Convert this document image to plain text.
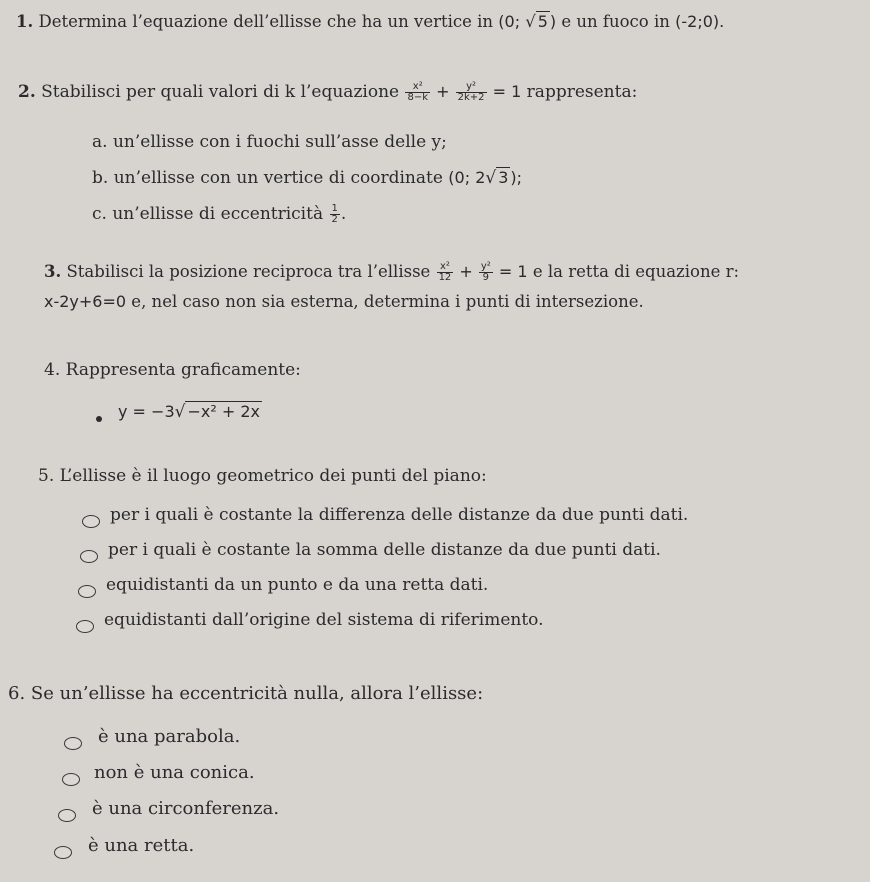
1. Determina l’equazione dell’ellisse che ha un vertice in (0; √ 5 ) e un fuoco in (-2;0).
2. Stabilisci per quali valori di k l’equazione $\frac{\text{x²}}{8-k} + \frac{\text{y²}}{2k+2} = 1$ rappresenta:
a. un’ellisse con i fuochi sull’asse delle y;
b. un’ellisse con un vertice di coordinate (0; 2√ 3 );
c. un’ellisse di eccentricità $\frac{1}{2}$ .
3. Stabilisci la posizione reciproca tra l’ellisse $\frac{\text{x²}}{12} + \frac{\text{y²}}{9} = 1$ e la retta di equazione r:
x-2y+6=0 e, nel caso non sia esterna, determina i punti di intersezione.
4. Rappresenta graficamente:
y = −3√ −x² + 2x
5. L’ellisse è il luogo geometrico dei punti del piano:
per i quali è costante la differenza delle distanze da due punti dati.
per i quali è costante la somma delle distanze da due punti dati.
equidistanti da un punto e da una retta dati.
equidistanti dall’origine del sistema di riferimento.
6. Se un’ellisse ha eccentricità nulla, allora l’ellisse:
è una parabola.
non è una conica.
è una circonferenza.
è una retta.
